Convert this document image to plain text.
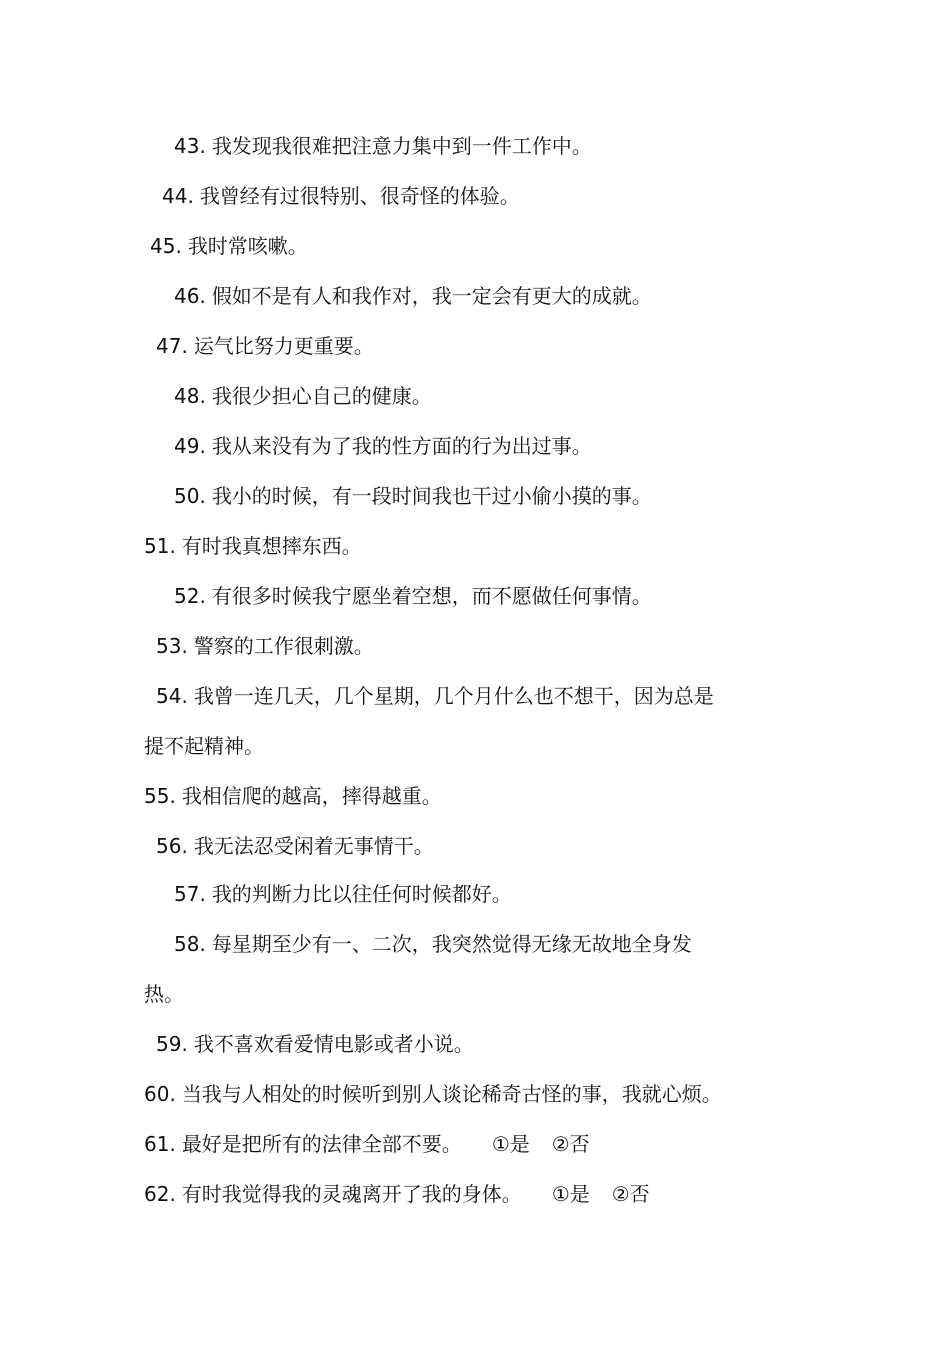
43. 我发现我很难把注意力集中到一件工作中。
44. 我曾经有过很特别、很奇怪的体验。
45. 我时常咳嗽。
46. 假如不是有人和我作对，我一定会有更大的成就。
47. 运气比努力更重要。
48. 我很少担心自己的健康。
49. 我从来没有为了我的性方面的行为出过事。
50. 我小的时候，有一段时间我也干过小偷小摸的事。
51. 有时我真想摔东西。
52. 有很多时候我宁愿坐着空想，而不愿做任何事情。
53. 警察的工作很刺激。
54. 我曾一连几天，几个星期，几个月什么也不想干，因为总是
提不起精神。
55. 我相信爬的越高，摔得越重。
56. 我无法忍受闲着无事情干。
57. 我的判断力比以往任何时候都好。
58. 每星期至少有一、二次，我突然觉得无缘无故地全身发
热。
59. 我不喜欢看爱情电影或者小说。
60. 当我与人相处的时候听到别人谈论稀奇古怪的事，我就心烦。
61. 最好是把所有的法律全部不要。 ①是 ②否
62. 有时我觉得我的灵魂离开了我的身体。 ①是 ②否
